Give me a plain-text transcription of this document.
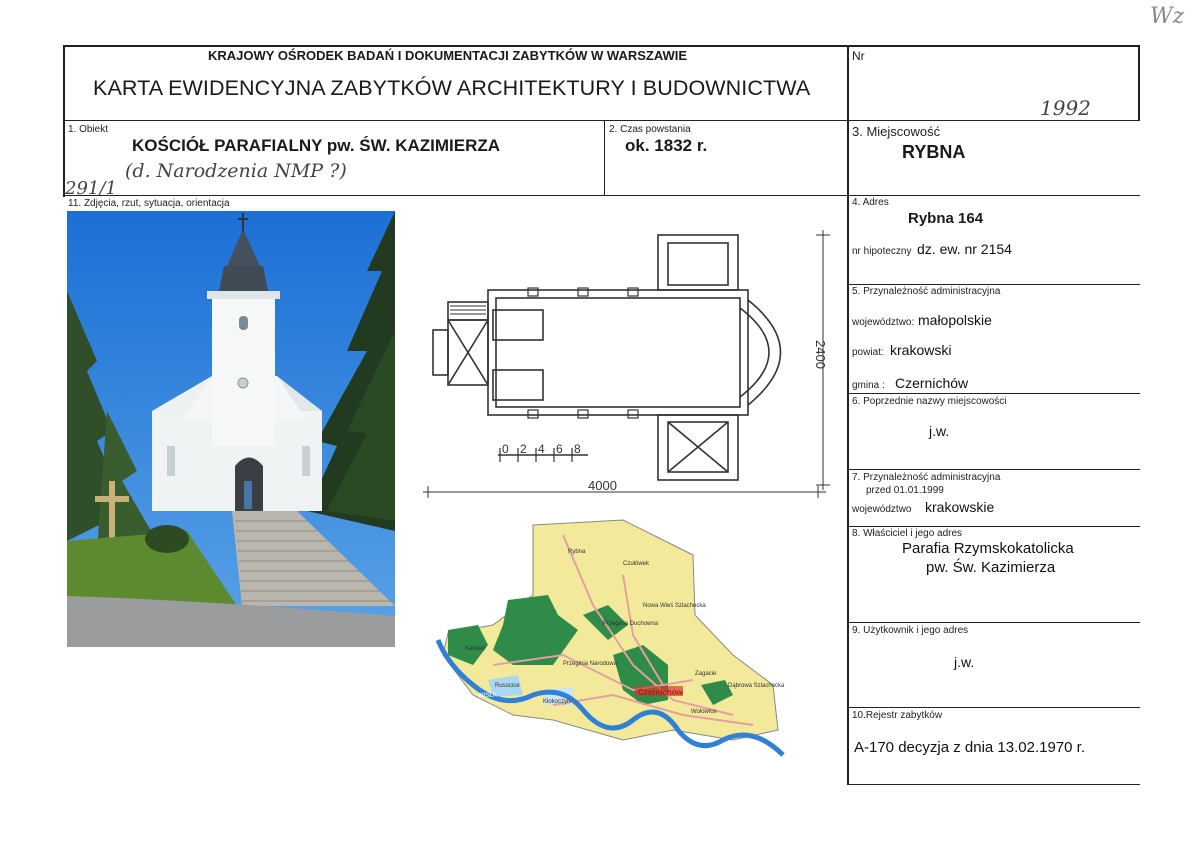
Wz
KRAJOWY OŚRODEK BADAŃ I DOKUMENTACJI ZABYTKÓW W WARSZAWIE
KARTA EWIDENCYJNA ZABYTKÓW ARCHITEKTURY I BUDOWNICTWA
Nr
1992
1. Obiekt
KOŚCIÓŁ PARAFIALNY pw. ŚW. KAZIMIERZA
(d. Narodzenia NMP ?)
291/1
2. Czas powstania
ok. 1832 r.
3. Miejscowość
RYBNA
11. Zdjęcia, rzut, sytuacja, orientacja	4. Adres
Rybna 164
nr hipoteczny dz. ew. nr 2154
5. Przynależność administracyjna
województwo: małopolskie
powiat: krakowski
gmina : Czernichów
6. Poprzednie nazwy miejscowości
j.w.
7. Przynależność administracyjna
przed 01.01.1999
województwo krakowskie
8. Właściciel i jego adres
Parafia Rzymskokatolicka
pw. Św. Kazimierza
9. Użytkownik i jego adres
j.w.
10.Rejestr zabytków
A-170 decyzja z dnia 13.02.1970 r.
0 2 4 6 8
4000
2400
Rybna
Czułówek
Nowa Wieś Szlachecka
Przeginia Duchowna
Przeginia Narodowa
Kamień
Rusocice
Kłokoczyn
Czernichów
Zagacie
Dąbrowa Szlachecka
Wołowice
WISŁA
WISŁA
